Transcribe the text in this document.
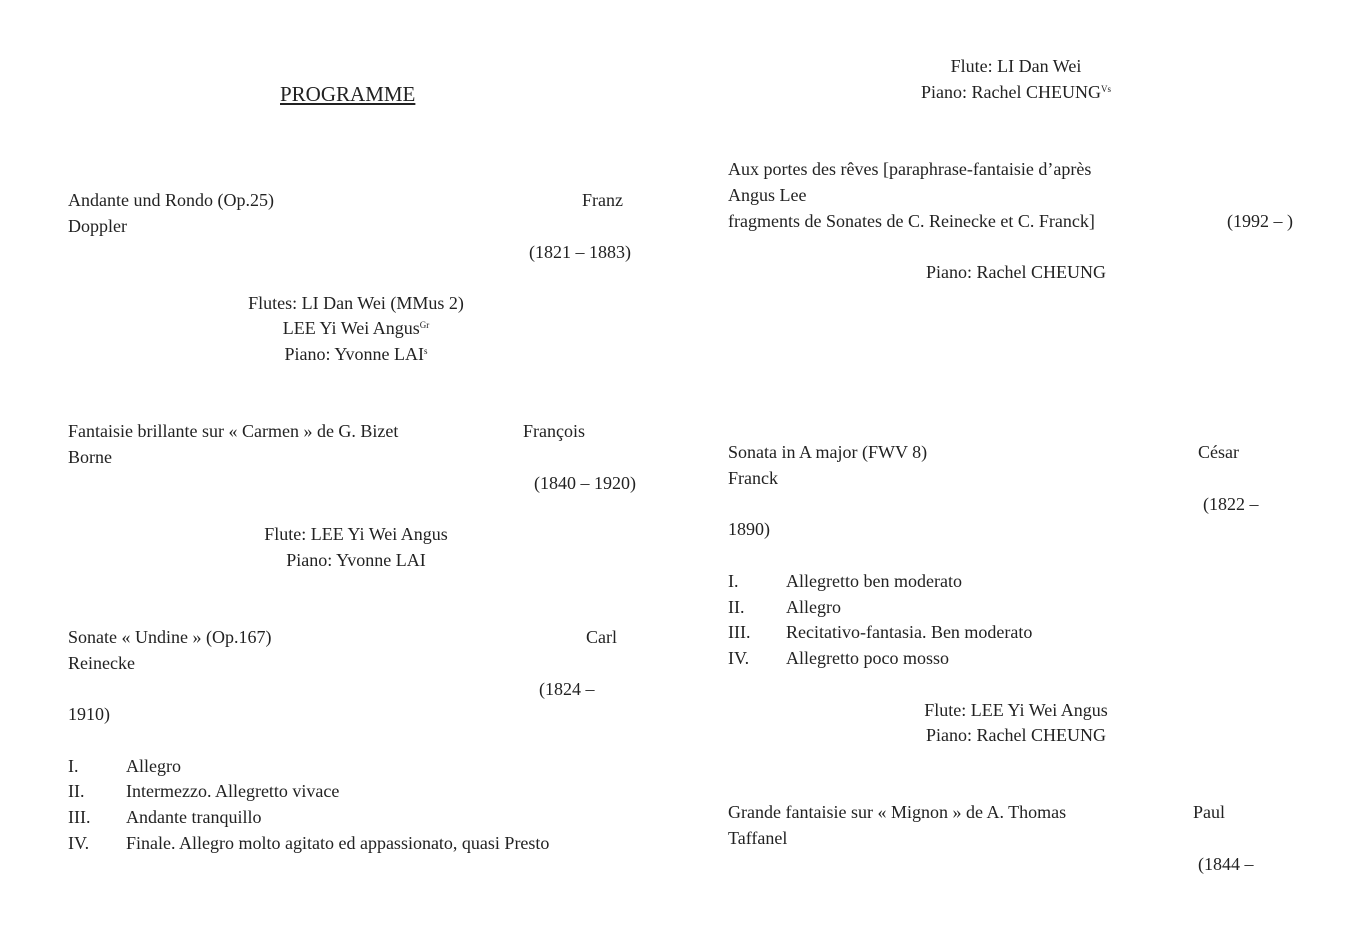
PROGRAMME
Andante und Rondo (Op.25)	Franz
Doppler
(1821 – 1883)
Flutes: LI Dan Wei (MMus 2)
LEE Yi Wei Angus$^{Gr}$
Piano: Yvonne LAI$^s$
Fantaisie brillante sur « Carmen » de G. Bizet	François
Borne
(1840 – 1920)
Flute: LEE Yi Wei Angus
Piano: Yvonne LAI
Sonate « Undine » (Op.167)	Carl
Reinecke
(1824 –
1910)
I.	Allegro
II. Intermezzo. Allegretto vivace
III. Andante tranquillo
IV. Finale. Allegro molto agitato ed appassionato, quasi Presto
Flute: LI Dan Wei
Piano: Rachel $CHEUNG^{Vs}$
Aux portes des rêves [paraphrase-fantaisie d’après
Angus Lee
fragments de Sonates de C. Reinecke et C. Franck]	(1992 – )
Piano: Rachel CHEUNG
Sonata in A major (FWV 8)	César
Franck
(1822 –
1890)
I.	Allegretto ben moderato
II. Allegro
III. Recitativo-fantasia. Ben moderato
IV. Allegretto poco mosso
Flute: LEE Yi Wei Angus
Piano: Rachel CHEUNG
Grande fantaisie sur « Mignon » de A. Thomas	Paul
Taffanel
(1844 –
